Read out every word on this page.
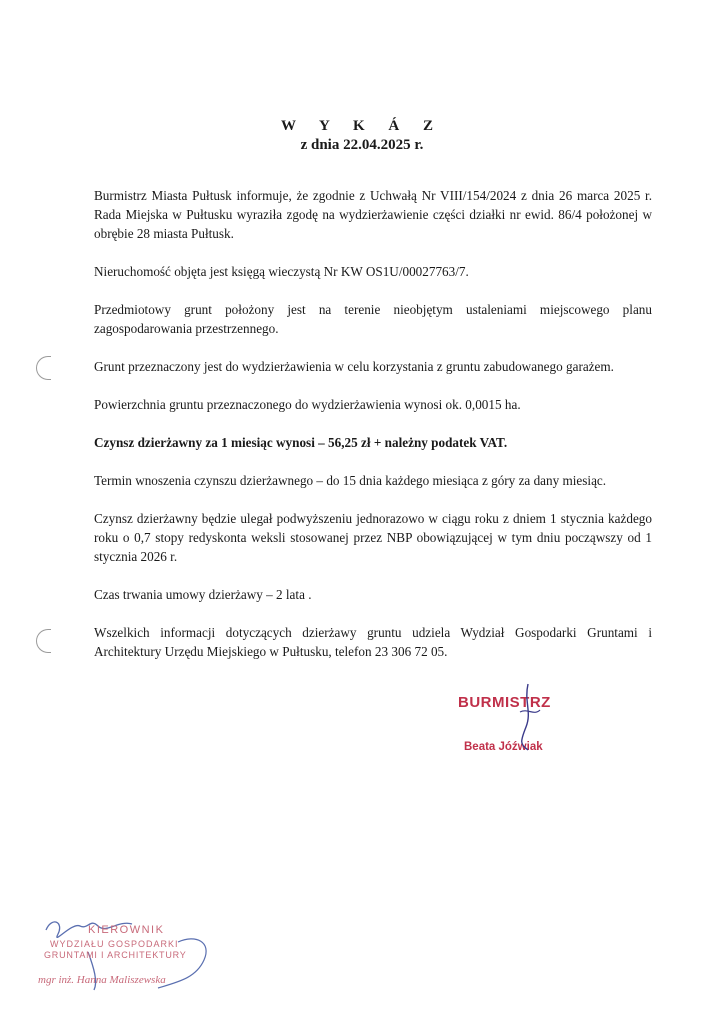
W Y K Á Z
z dnia 22.04.2025 r.

Burmistrz Miasta Pułtusk informuje, że zgodnie z Uchwałą Nr VIII/154/2024 z dnia 26 marca 2025 r. Rada Miejska w Pułtusku wyraziła zgodę na wydzierżawienie części działki nr ewid. 86/4 położonej w obrębie 28 miasta Pułtusk.

Nieruchomość objęta jest księgą wieczystą Nr KW OS1U/00027763/7.

Przedmiotowy grunt położony jest na terenie nieobjętym ustaleniami miejscowego planu zagospodarowania przestrzennego.

Grunt przeznaczony jest do wydzierżawienia w celu korzystania z gruntu zabudowanego garażem.

Powierzchnia gruntu przeznaczonego do wydzierżawienia wynosi ok. 0,0015 ha.

Czynsz dzierżawny za 1 miesiąc wynosi – 56,25 zł + należny podatek VAT.

Termin wnoszenia czynszu dzierżawnego – do 15 dnia każdego miesiąca z góry za dany miesiąc.

Czynsz dzierżawny będzie ulegał podwyższeniu jednorazowo w ciągu roku z dniem 1 stycznia każdego roku o 0,7 stopy redyskonta weksli stosowanej przez NBP obowiązującej w tym dniu począwszy od 1 stycznia 2026 r.

Czas trwania umowy dzierżawy – 2 lata .

Wszelkich informacji dotyczących dzierżawy gruntu udziela Wydział Gospodarki Gruntami i Architektury Urzędu Miejskiego w Pułtusku, telefon 23 306 72 05.

BURMISTRZ
Beata Jóźwiak
KIEROWNIK
WYDZIAŁU GOSPODARKI
GRUNTAMI I ARCHITEKTURY
mgr inż. Hanna Maliszewska
